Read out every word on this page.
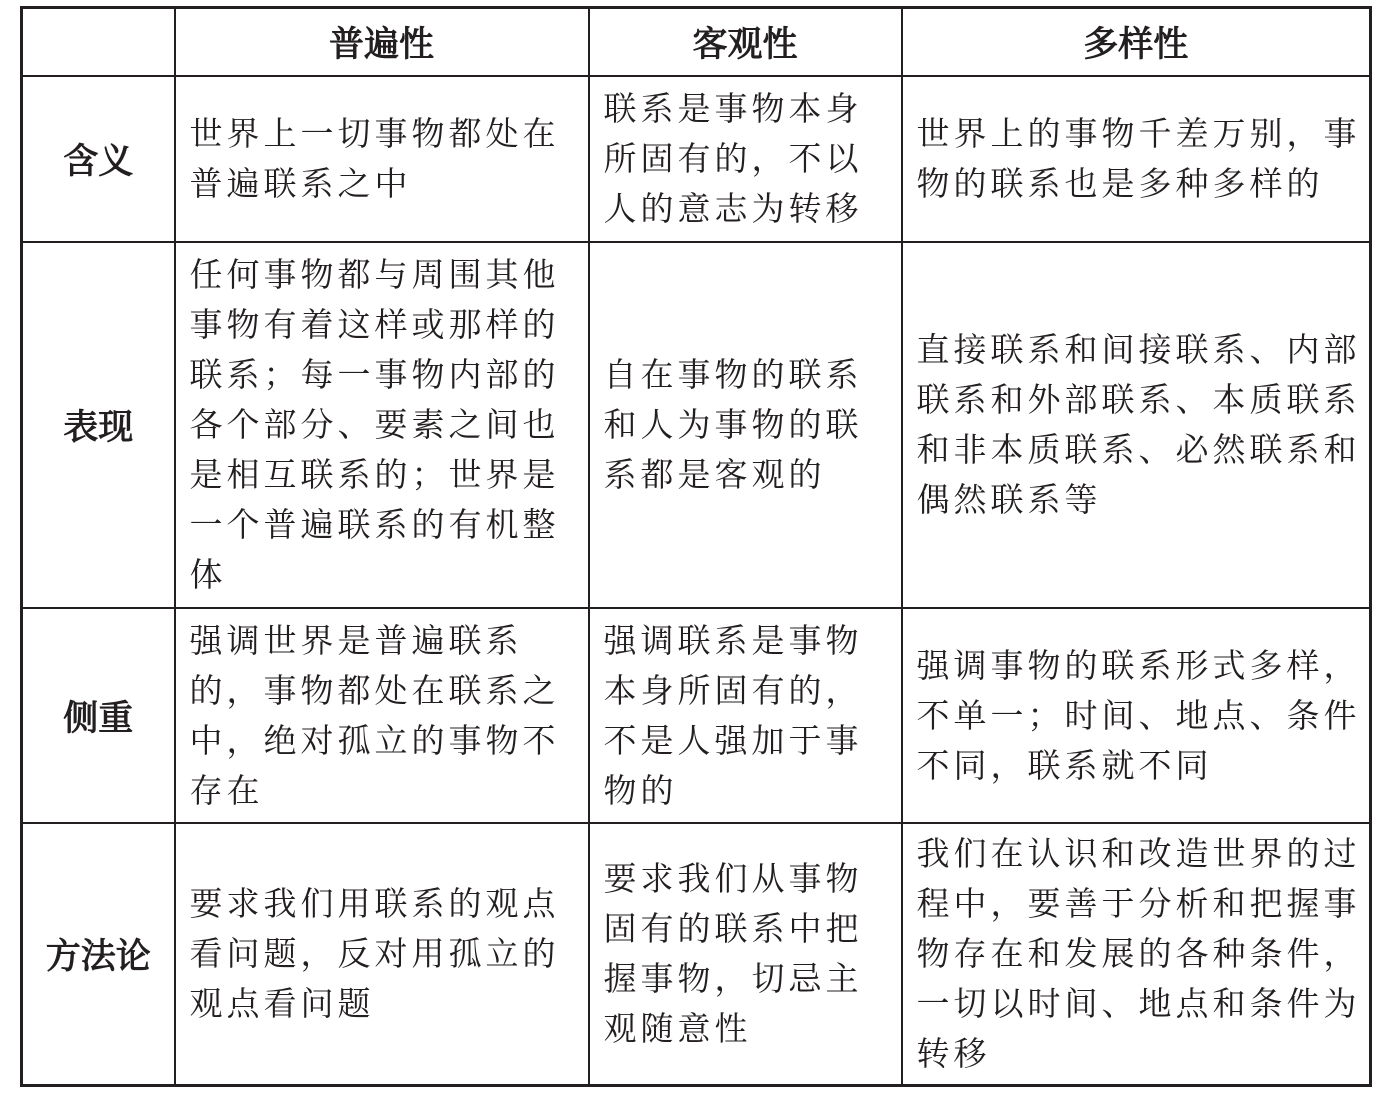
	普遍性	客观性	多样性
含义	世界上一切事物都处在普遍联系之中	联系是事物本身所固有的，不以人的意志为转移	世界上的事物千差万别，事物的联系也是多种多样的
表现	任何事物都与周围其他事物有着这样或那样的联系；每一事物内部的各个部分、要素之间也是相互联系的；世界是一个普遍联系的有机整体	自在事物的联系和人为事物的联系都是客观的	直接联系和间接联系、内部联系和外部联系、本质联系和非本质联系、必然联系和偶然联系等
侧重	强调世界是普遍联系的，事物都处在联系之中，绝对孤立的事物不存在	强调联系是事物本身所固有的，不是人强加于事物的	强调事物的联系形式多样，不单一；时间、地点、条件不同，联系就不同
方法论	要求我们用联系的观点看问题，反对用孤立的观点看问题	要求我们从事物固有的联系中把握事物，切忌主观随意性	我们在认识和改造世界的过程中，要善于分析和把握事物存在和发展的各种条件，一切以时间、地点和条件为转移
